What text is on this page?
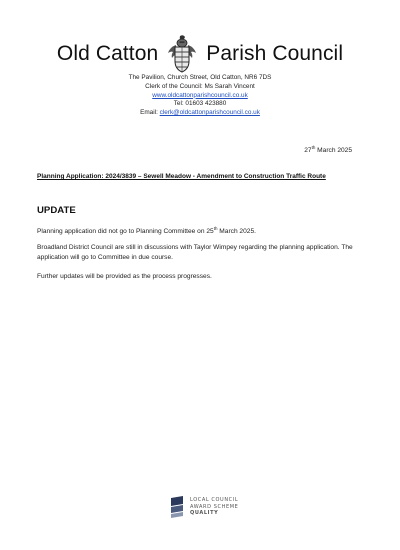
Old Catton Parish Council
The Pavilion, Church Street, Old Catton, NR6 7DS
Clerk of the Council: Ms Sarah Vincent
www.oldcattonparishcouncil.co.uk
Tel: 01603 423880
Email: clerk@oldcattonparishcouncil.co.uk
27th March 2025
Planning Application: 2024/3839 – Sewell Meadow - Amendment to Construction Traffic Route
UPDATE
Planning application did not go to Planning Committee on 25th March 2025.
Broadland District Council are still in discussions with Taylor Wimpey regarding the planning application. The application will go to Committee in due course.
Further updates will be provided as the process progresses.
LOCAL COUNCIL
AWARD SCHEME
QUALITY
